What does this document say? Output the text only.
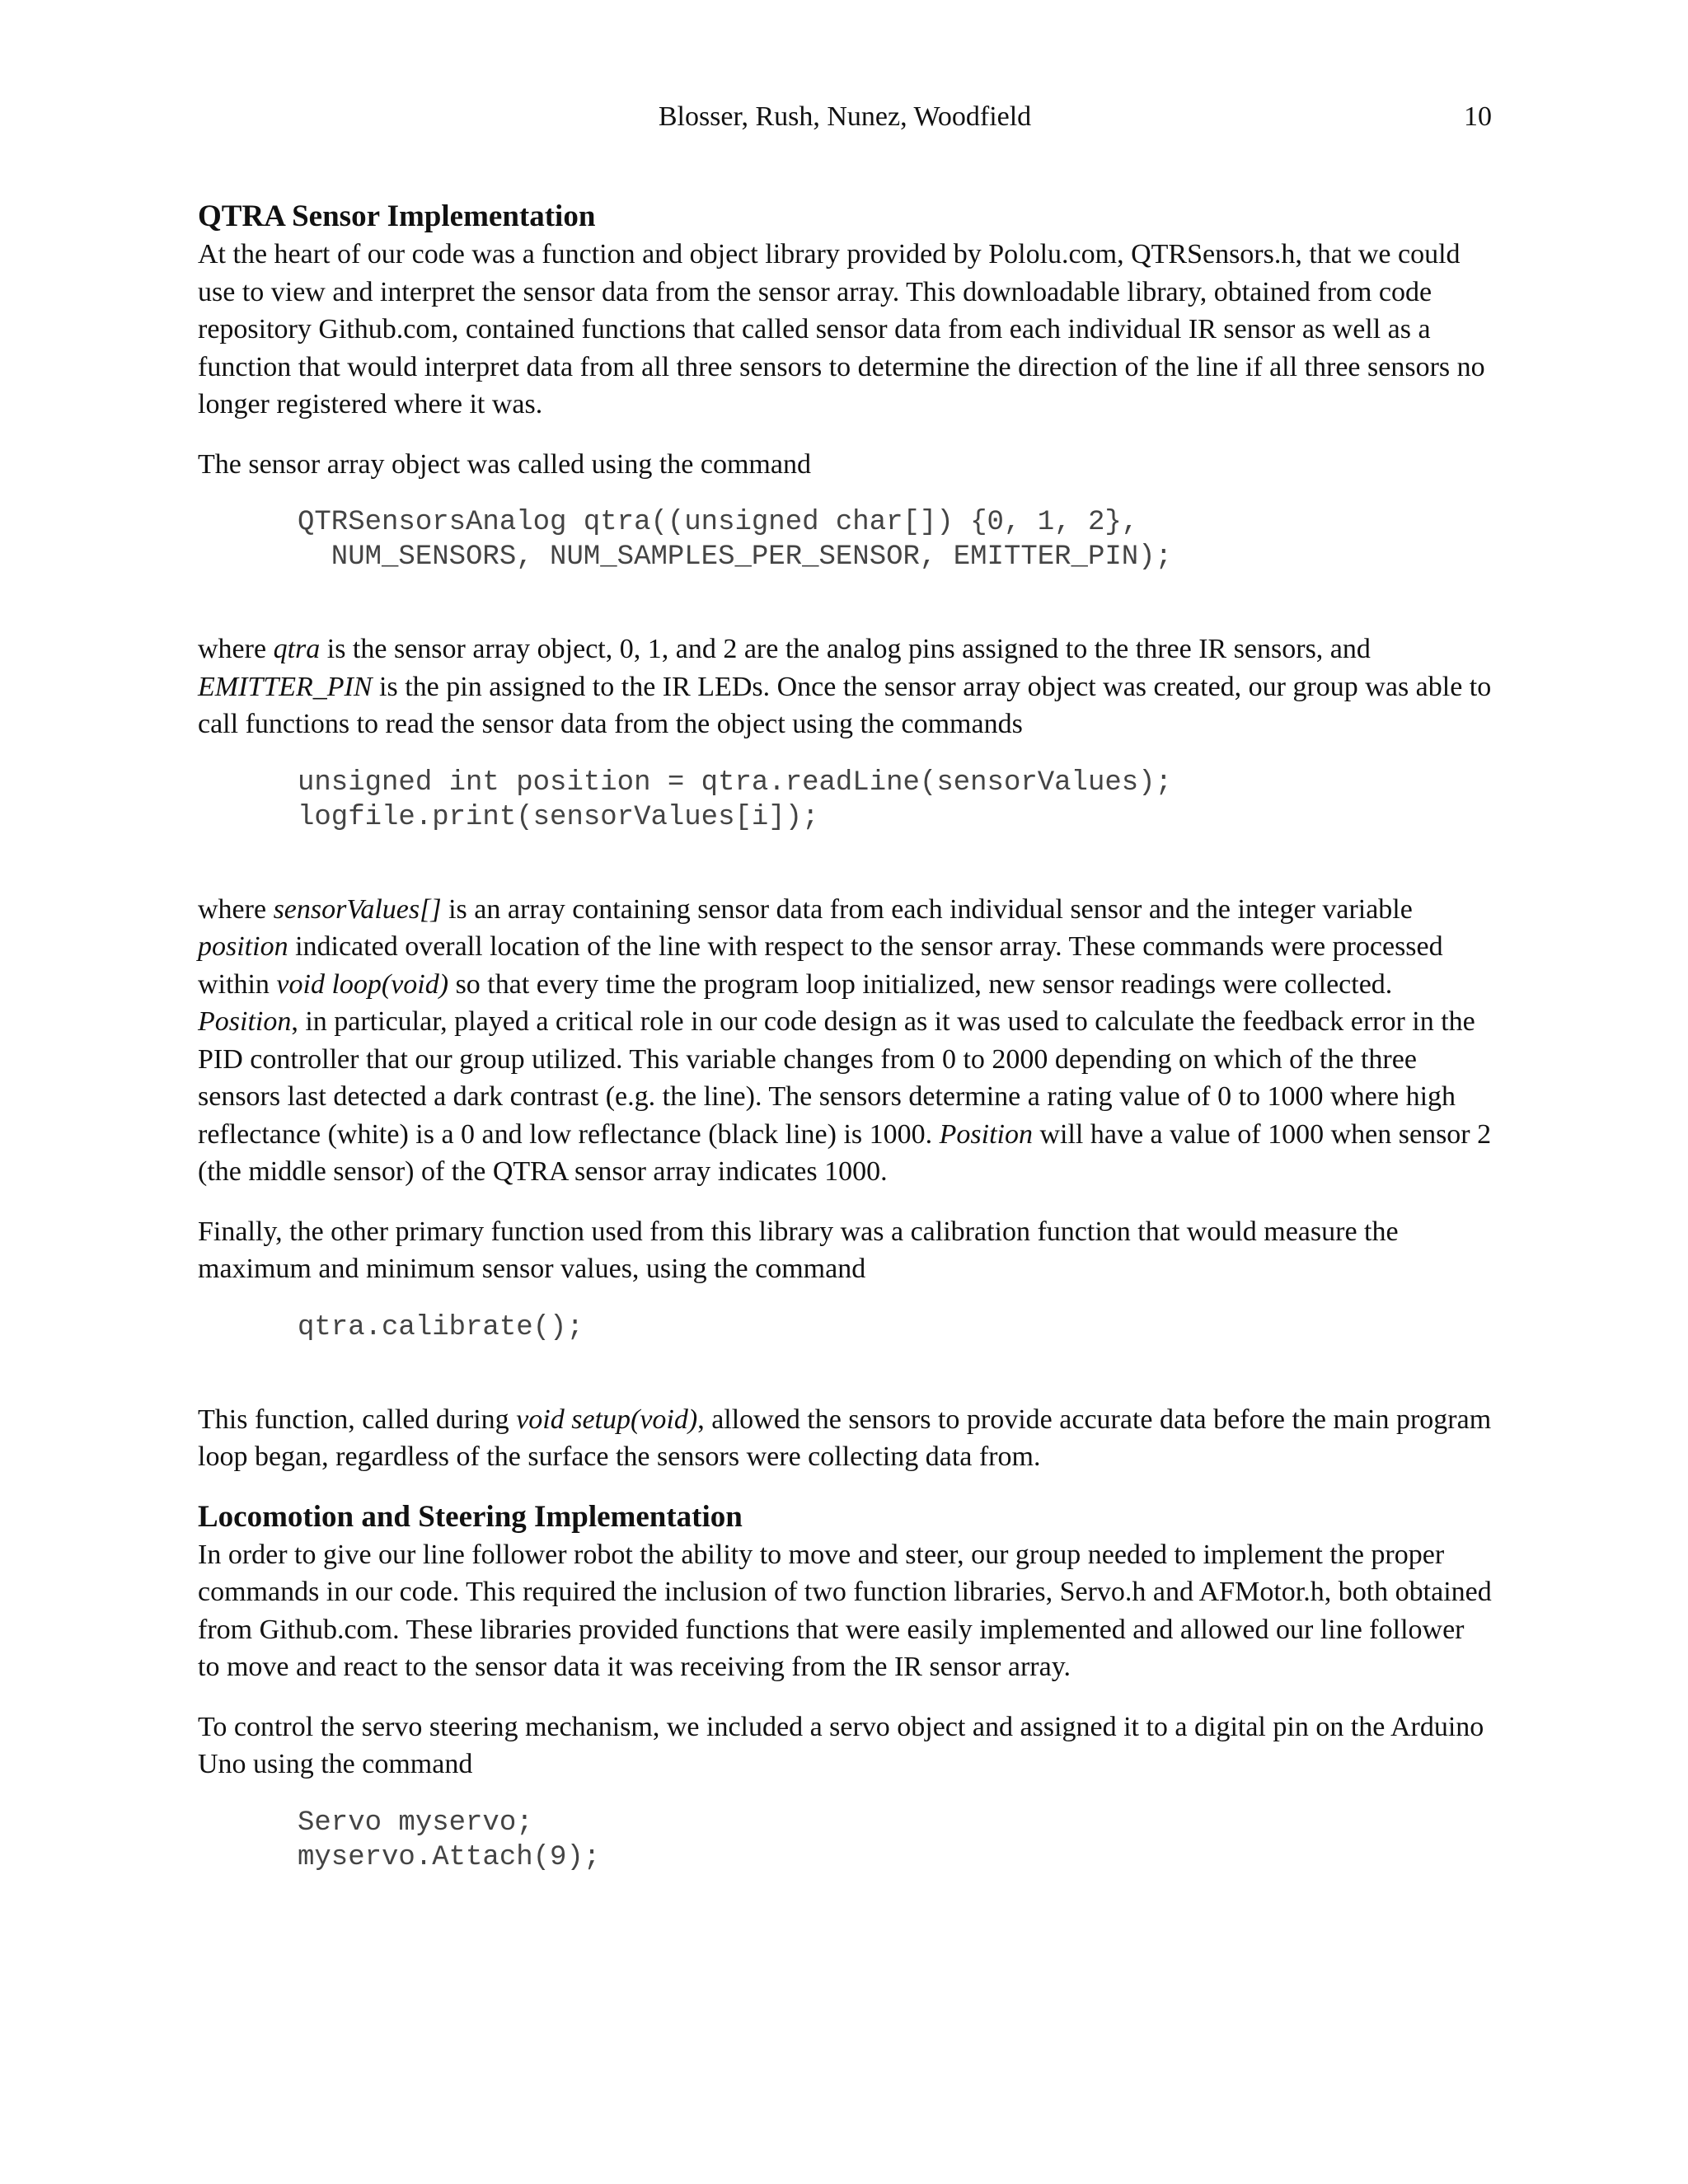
Blosser, Rush, Nunez, Woodfield	10
QTRA Sensor Implementation

At the heart of our code was a function and object library provided by Pololu.com, QTRSensors.h, that we could use to view and interpret the sensor data from the sensor array. This downloadable library, obtained from code repository Github.com, contained functions that called sensor data from each individual IR sensor as well as a function that would interpret data from all three sensors to determine the direction of the line if all three sensors no longer registered where it was.

The sensor array object was called using the command

QTRSensorsAnalog qtra((unsigned char[]) {0, 1, 2},
NUM_SENSORS, NUM_SAMPLES_PER_SENSOR, EMITTER_PIN);

where qtra is the sensor array object, 0, 1, and 2 are the analog pins assigned to the three IR sensors, and EMITTER_PIN is the pin assigned to the IR LEDs. Once the sensor array object was created, our group was able to call functions to read the sensor data from the object using the commands

unsigned int position = qtra.readLine(sensorValues);
logfile.print(sensorValues[i]);

where sensorValues[] is an array containing sensor data from each individual sensor and the integer variable position indicated overall location of the line with respect to the sensor array. These commands were processed within void loop(void) so that every time the program loop initialized, new sensor readings were collected. Position, in particular, played a critical role in our code design as it was used to calculate the feedback error in the PID controller that our group utilized. This variable changes from 0 to 2000 depending on which of the three sensors last detected a dark contrast (e.g. the line). The sensors determine a rating value of 0 to 1000 where high reflectance (white) is a 0 and low reflectance (black line) is 1000. Position will have a value of 1000 when sensor 2 (the middle sensor) of the QTRA sensor array indicates 1000.

Finally, the other primary function used from this library was a calibration function that would measure the maximum and minimum sensor values, using the command

qtra.calibrate();

This function, called during void setup(void), allowed the sensors to provide accurate data before the main program loop began, regardless of the surface the sensors were collecting data from.

Locomotion and Steering Implementation

In order to give our line follower robot the ability to move and steer, our group needed to implement the proper commands in our code. This required the inclusion of two function libraries, Servo.h and AFMotor.h, both obtained from Github.com. These libraries provided functions that were easily implemented and allowed our line follower to move and react to the sensor data it was receiving from the IR sensor array.

To control the servo steering mechanism, we included a servo object and assigned it to a digital pin on the Arduino Uno using the command

Servo myservo;
myservo.Attach(9);
